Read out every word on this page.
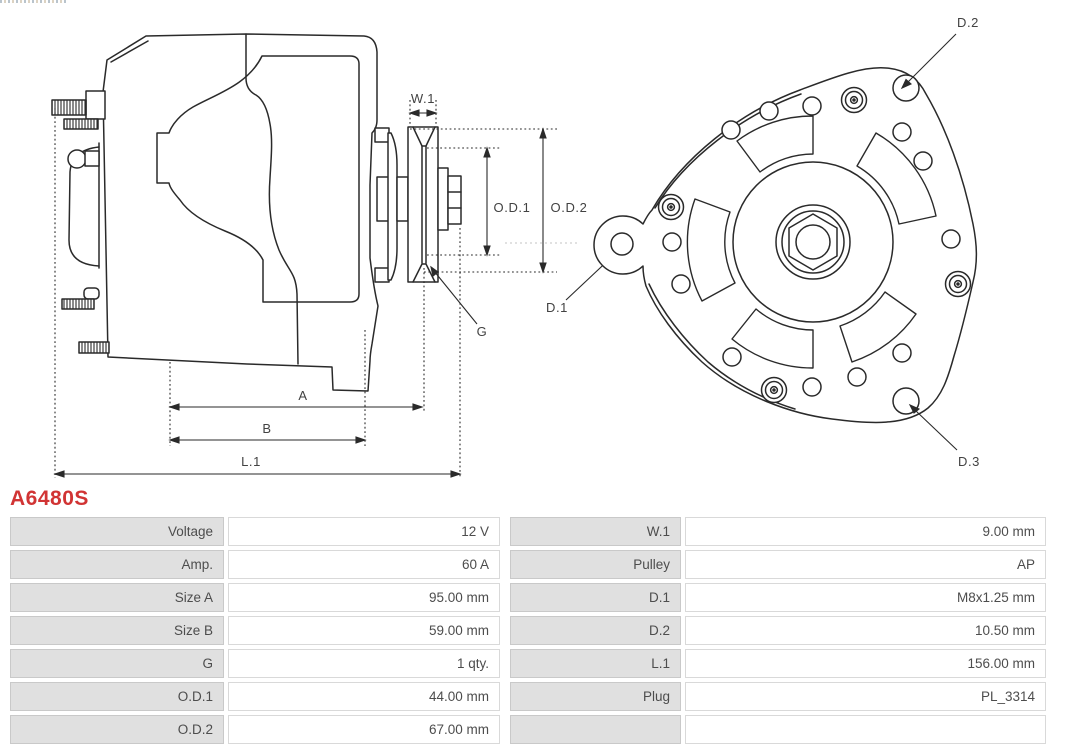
W.1
O.D.1 O.D.2
G
A
B
L.1
D.1
D.2
D.3
A6480S
Voltage	12 V
Amp.	60 A
Size A	95.00 mm
Size B	59.00 mm
G	1 qty.
O.D.1	44.00 mm
O.D.2	67.00 mm
W.1	9.00 mm
Pulley	AP
D.1	M8x1.25 mm
D.2	10.50 mm
L.1	156.00 mm
Plug	PL_3314
